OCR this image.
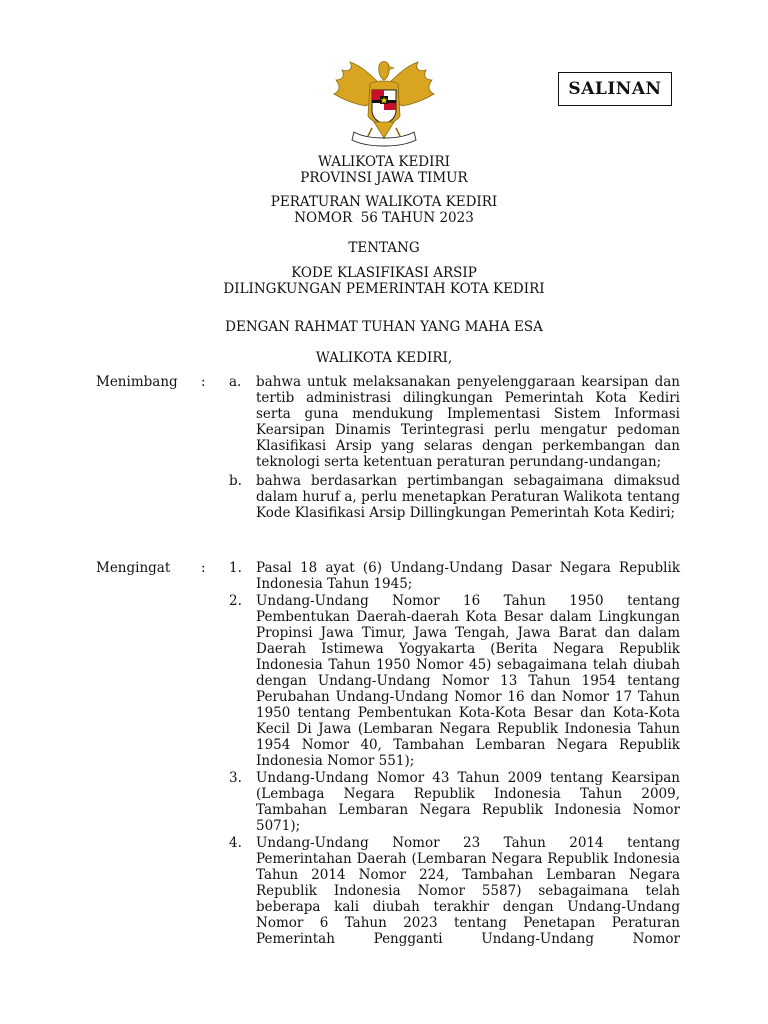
SALINAN
WALIKOTA KEDIRI
PROVINSI JAWA TIMUR
PERATURAN WALIKOTA KEDIRI
NOMOR  56 TAHUN 2023
TENTANG
KODE KLASIFIKASI ARSIP
DILINGKUNGAN PEMERINTAH KOTA KEDIRI
DENGAN RAHMAT TUHAN YANG MAHA ESA
WALIKOTA KEDIRI,
Menimbang : a. bahwa untuk melaksanakan penyelenggaraan kearsipan dan tertib administrasi dilingkungan Pemerintah Kota Kediri serta guna mendukung Implementasi Sistem Informasi Kearsipan Dinamis Terintegrasi perlu mengatur pedoman Klasifikasi Arsip yang selaras dengan perkembangan dan teknologi serta ketentuan peraturan perundang-undangan;
b. bahwa berdasarkan pertimbangan sebagaimana dimaksud dalam huruf a, perlu menetapkan Peraturan Walikota tentang Kode Klasifikasi Arsip Dillingkungan Pemerintah Kota Kediri;
Mengingat : 1. Pasal 18 ayat (6) Undang-Undang Dasar Negara Republik Indonesia Tahun 1945;
2. Undang-Undang Nomor 16 Tahun 1950 tentang Pembentukan Daerah-daerah Kota Besar dalam Lingkungan Propinsi Jawa Timur, Jawa Tengah, Jawa Barat dan dalam Daerah Istimewa Yogyakarta (Berita Negara Republik Indonesia Tahun 1950 Nomor 45) sebagaimana telah diubah dengan Undang-Undang Nomor 13 Tahun 1954 tentang Perubahan Undang-Undang Nomor 16 dan Nomor 17 Tahun 1950 tentang Pembentukan Kota-Kota Besar dan Kota-Kota Kecil Di Jawa (Lembaran Negara Republik Indonesia Tahun 1954 Nomor 40, Tambahan Lembaran Negara Republik Indonesia Nomor 551);
3. Undang-Undang Nomor 43 Tahun 2009 tentang Kearsipan (Lembaga Negara Republik Indonesia Tahun 2009, Tambahan Lembaran Negara Republik Indonesia Nomor 5071);
4. Undang-Undang Nomor 23 Tahun 2014 tentang Pemerintahan Daerah (Lembaran Negara Republik Indonesia Tahun 2014 Nomor 224, Tambahan Lembaran Negara Republik Indonesia Nomor 5587) sebagaimana telah beberapa kali diubah terakhir dengan Undang-Undang Nomor 6 Tahun 2023 tentang Penetapan Peraturan Pemerintah Pengganti Undang-Undang Nomor
